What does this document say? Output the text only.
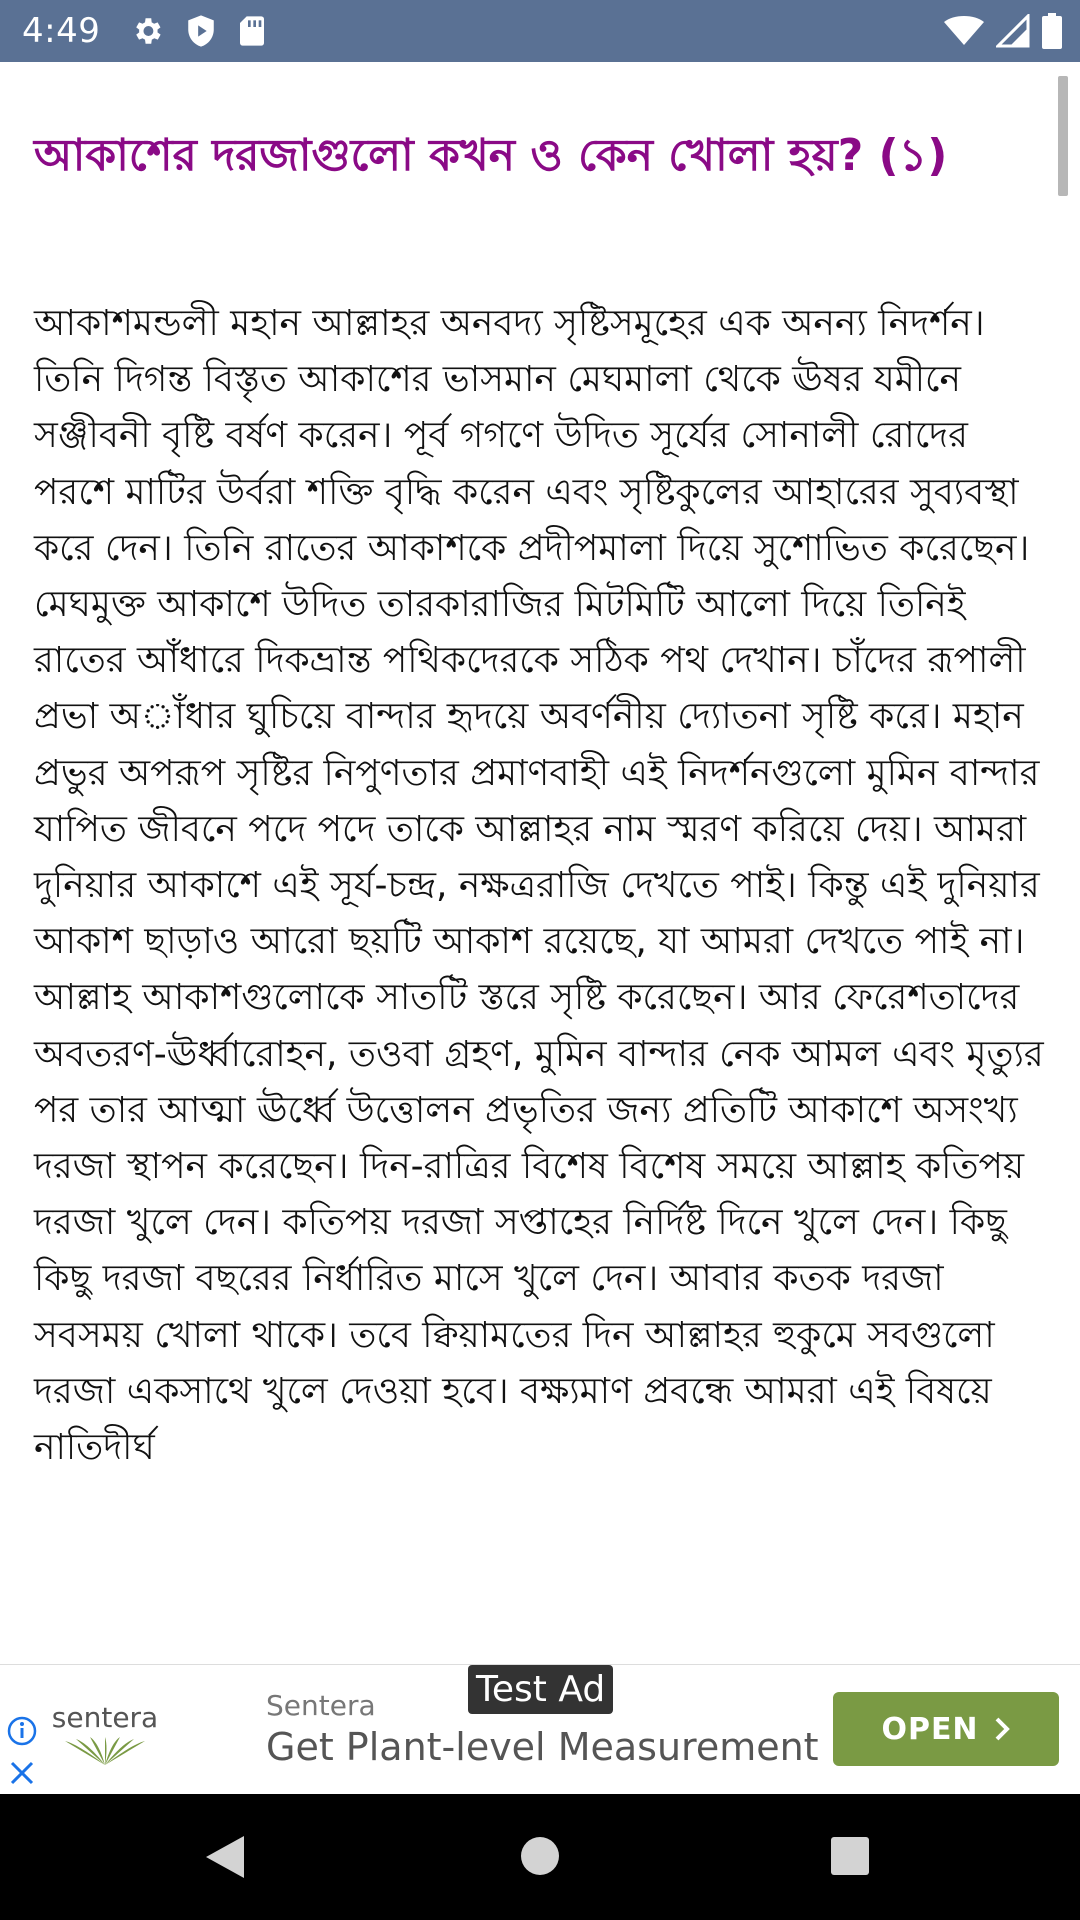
4:49
আকাশের দরজাগুলো কখন ও কেন খোলা হয়? (১)

আকাশমন্ডলী মহান আল্লাহর অনবদ্য সৃষ্টিসমূহের এক অনন্য নিদর্শন। তিনি দিগন্ত বিস্তৃত আকাশের ভাসমান মেঘমালা থেকে ঊষর যমীনে সঞ্জীবনী বৃষ্টি বর্ষণ করেন। পূর্ব গগণে উদিত সূর্যের সোনালী রোদের পরশে মাটির উর্বরা শক্তি বৃদ্ধি করেন এবং সৃষ্টিকুলের আহারের সুব্যবস্থা করে দেন। তিনি রাতের আকাশকে প্রদীপমালা দিয়ে সুশোভিত করেছেন। মেঘমুক্ত আকাশে উদিত তারকারাজির মিটমিটি আলো দিয়ে তিনিই রাতের আঁধারে দিকভ্রান্ত পথিকদেরকে সঠিক পথ দেখান। চাঁদের রূপালী প্রভা অাঁধার ঘুচিয়ে বান্দার হৃদয়ে অবর্ণনীয় দ্যোতনা সৃষ্টি করে। মহান প্রভুর অপরূপ সৃষ্টির নিপুণতার প্রমাণবাহী এই নিদর্শনগুলো মুমিন বান্দার যাপিত জীবনে পদে পদে তাকে আল্লাহর নাম স্মরণ করিয়ে দেয়। আমরা দুনিয়ার আকাশে এই সূর্য-চন্দ্র, নক্ষত্ররাজি দেখতে পাই। কিন্তু এই দুনিয়ার আকাশ ছাড়াও আরো ছয়টি আকাশ রয়েছে, যা আমরা দেখতে পাই না। আল্লাহ আকাশগুলোকে সাতটি স্তরে সৃষ্টি করেছেন। আর ফেরেশতাদের অবতরণ-ঊর্ধ্বারোহন, তওবা গ্রহণ, মুমিন বান্দার নেক আমল এবং মৃত্যুর পর তার আত্মা ঊর্ধ্বে উত্তোলন প্রভৃতির জন্য প্রতিটি আকাশে অসংখ্য দরজা স্থাপন করেছেন। দিন-রাত্রির বিশেষ বিশেষ সময়ে আল্লাহ কতিপয় দরজা খুলে দেন। কতিপয় দরজা সপ্তাহের নির্দিষ্ট দিনে খুলে দেন। কিছু কিছু দরজা বছরের নির্ধারিত মাসে খুলে দেন। আবার কতক দরজা সবসময় খোলা থাকে। তবে ক্বিয়ামতের দিন আল্লাহর হুকুমে সবগুলো দরজা একসাথে খুলে দেওয়া হবে। বক্ষ্যমাণ প্রবন্ধে আমরা এই বিষয়ে নাতিদীর্ঘ

sentera
Test Ad
Sentera
Get Plant-level Measurement	OPEN
